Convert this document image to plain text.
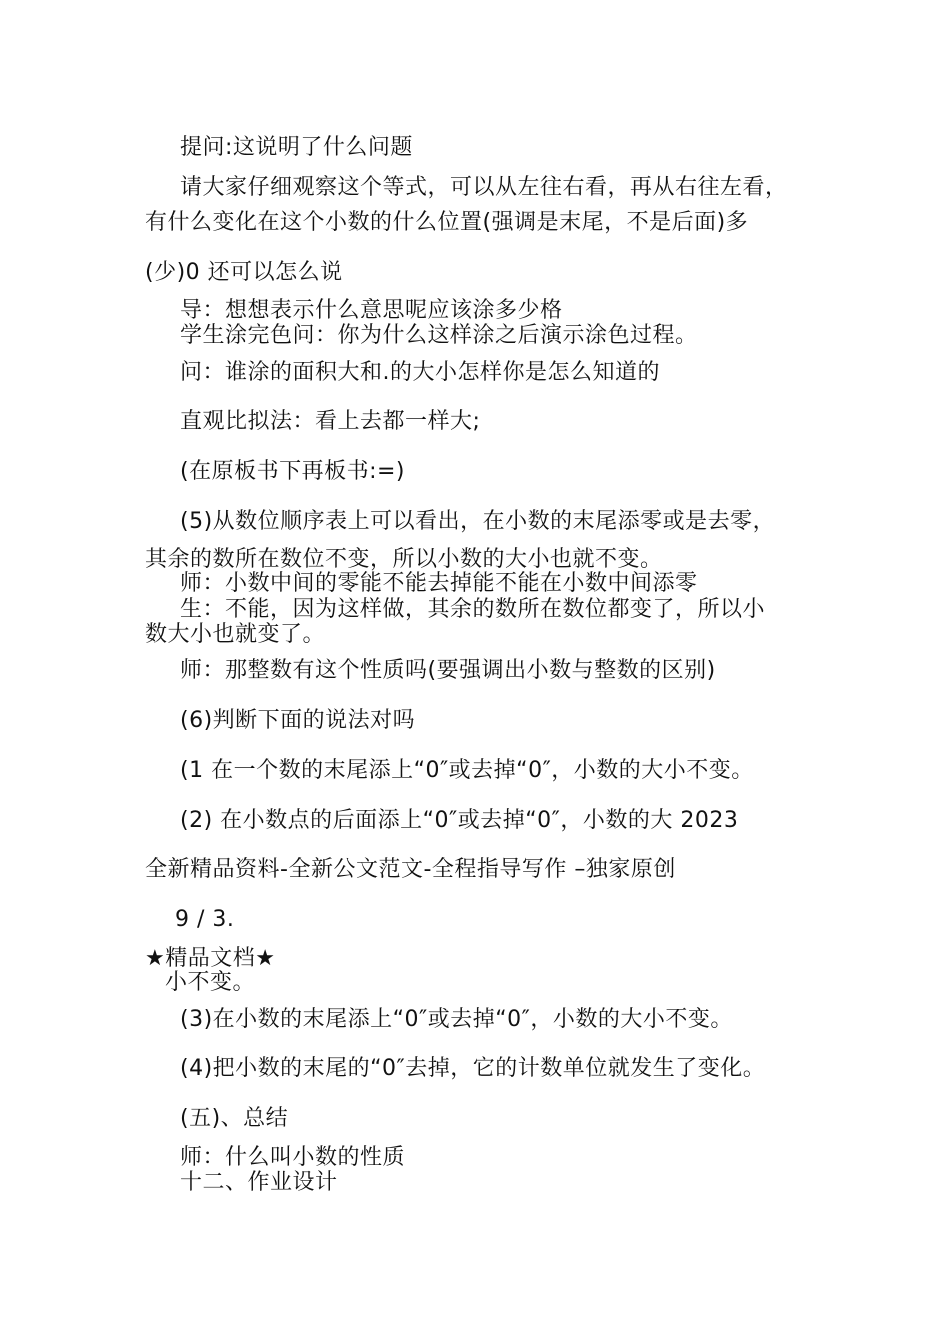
提问:这说明了什么问题
请大家仔细观察这个等式，可以从左往右看，再从右往左看，
有什么变化在这个小数的什么位置(强调是末尾，不是后面)多
(少)0 还可以怎么说
导：想想表示什么意思呢应该涂多少格
学生涂完色问：你为什么这样涂之后演示涂色过程。
问：谁涂的面积大和.的大小怎样你是怎么知道的
直观比拟法：看上去都一样大;
(在原板书下再板书:=)
(5)从数位顺序表上可以看出，在小数的末尾添零或是去零，
其余的数所在数位不变，所以小数的大小也就不变。
师：小数中间的零能不能去掉能不能在小数中间添零
生：不能，因为这样做，其余的数所在数位都变了，所以小
数大小也就变了。
师：那整数有这个性质吗(要强调出小数与整数的区别)
(6)判断下面的说法对吗
(1 在一个数的末尾添上“0″或去掉“0″，小数的大小不变。
(2) 在小数点的后面添上“0″或去掉“0″，小数的大 2023
全新精品资料-全新公文范文-全程指导写作 –独家原创
9 / 3.
★精品文档★
小不变。
(3)在小数的末尾添上“0″或去掉“0″，小数的大小不变。
(4)把小数的末尾的“0″去掉，它的计数单位就发生了变化。
(五)、总结
师：什么叫小数的性质
十二、作业设计
